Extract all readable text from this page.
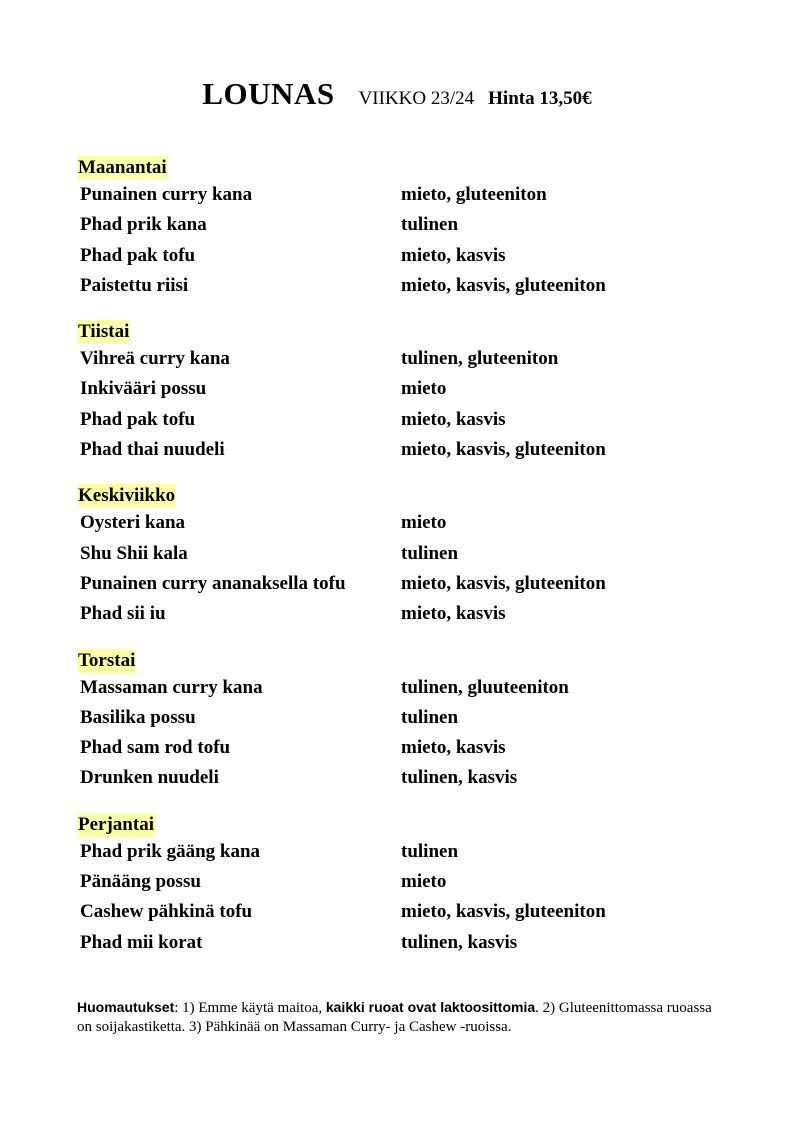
LOUNAS VIIKKO 23/24 Hinta 13,50€
Maanantai
Punainen curry kana	mieto, gluteeniton
Phad prik kana	tulinen
Phad pak tofu	mieto, kasvis
Paistettu riisi	mieto, kasvis, gluteeniton
Tiistai
Vihreä curry kana	tulinen, gluteeniton
Inkivääri possu	mieto
Phad pak tofu	mieto, kasvis
Phad thai nuudeli	mieto, kasvis, gluteeniton
Keskiviikko
Oysteri kana	mieto
Shu Shii kala	tulinen
Punainen curry ananaksella tofu	mieto, kasvis, gluteeniton
Phad sii iu	mieto, kasvis
Torstai
Massaman curry kana	tulinen, gluuteeniton
Basilika possu	tulinen
Phad sam rod tofu	mieto, kasvis
Drunken nuudeli	tulinen, kasvis
Perjantai
Phad prik gääng kana	tulinen
Pänääng possu	mieto
Cashew pähkinä tofu	mieto, kasvis, gluteeniton
Phad mii korat	tulinen, kasvis
Huomautukset: 1) Emme käytä maitoa, kaikki ruoat ovat laktoosittomia. 2) Gluteenittomassa ruoassa on soijakastiketta. 3) Pähkinää on Massaman Curry- ja Cashew -ruoissa.
